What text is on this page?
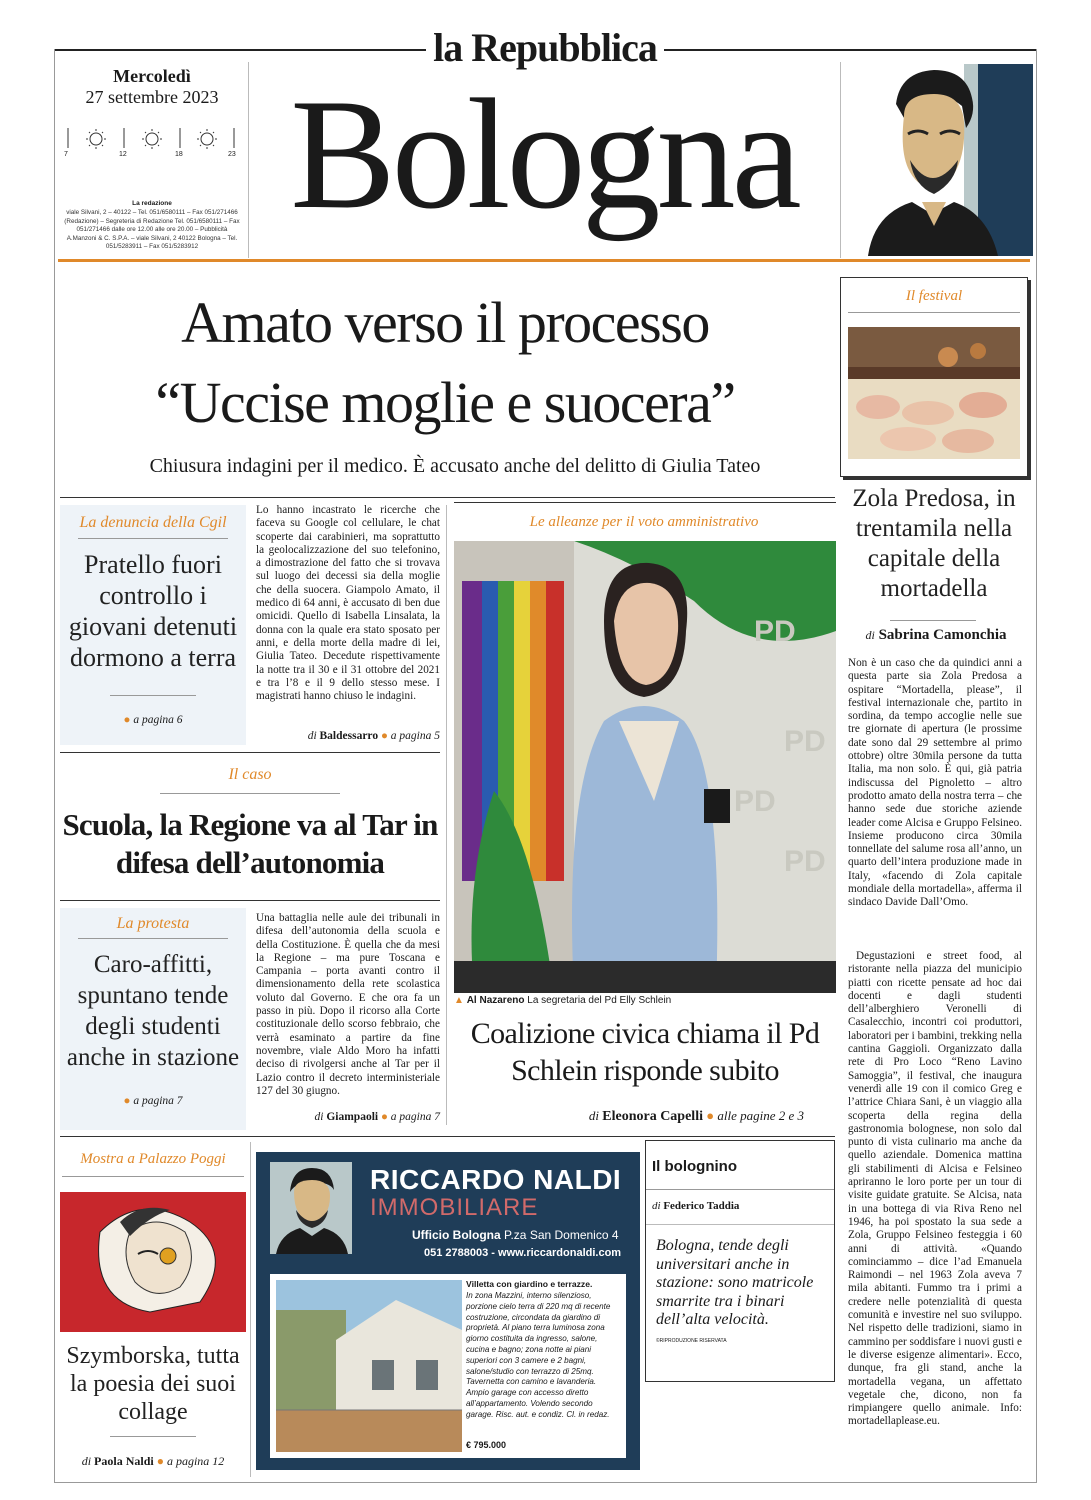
la Repubblica
Mercoledì
27 settembre 2023
7	12	18	23
La redazione
viale Silvani, 2 – 40122 – Tel. 051/6580111 – Fax 051/271466 (Redazione) – Segreteria di Redazione Tel. 051/6580111 – Fax 051/271466 dalle ore 12.00 alle ore 20.00 – Pubblicità A.Manzoni & C. S.P.A. – viale Silvani, 2 40122 Bologna – Tel. 051/5283911 – Fax 051/5283912
Bologna
Amato verso il processo
“Uccise moglie e suocera”
Chiusura indagini per il medico. È accusato anche del delitto di Giulia Tateo
La denuncia della Cgil
Pratello fuori controllo i giovani detenuti dormono a terra
● a pagina 6

Lo hanno incastrato le ricerche che faceva su Google col cellulare, le chat scoperte dai carabinieri, ma soprattutto la geolocalizzazione del suo telefonino, a dimostrazione del fatto che si trovava sul luogo dei decessi sia della moglie che della suocera. Giampolo Amato, il medico di 64 anni, è accusato di ben due omicidi. Quello di Isabella Linsalata, la donna con la quale era stato sposato per anni, e della morte della madre di lei, Giulia Tateo. Decedute rispettivamente la notte tra il 30 e il 31 ottobre del 2021 e tra l’8 e il 9 dello stesso mese. I magistrati hanno chiuso le indagini.

di Baldessarro ● a pagina 5
Le alleanze per il voto amministrativo
PD
PD
PD
PD
▲ Al Nazareno La segretaria del Pd Elly Schlein
Coalizione civica chiama il Pd Schlein risponde subito
di Eleonora Capelli ● alle pagine 2 e 3
Il caso
Scuola, la Regione va al Tar in difesa dell’autonomia
La protesta
Caro-affitti, spuntano tende degli studenti anche in stazione
● a pagina 7

Una battaglia nelle aule dei tribunali in difesa dell’autonomia della scuola e della Costituzione. È quella che da mesi la Regione – ma pure Toscana e Campania – porta avanti contro il dimensionamento della rete scolastica voluto dal Governo. E che ora fa un passo in più. Dopo il ricorso alla Corte costituzionale dello scorso febbraio, che verrà esaminato a partire da fine novembre, viale Aldo Moro ha infatti deciso di rivolgersi anche al Tar per il Lazio contro il decreto interministeriale 127 del 30 giugno.

di Giampaoli ● a pagina 7
Mostra a Palazzo Poggi
Szymborska, tutta la poesia dei suoi collage
di Paola Naldi ● a pagina 12
RICCARDO NALDI
IMMOBILIARE
Ufficio Bologna P.za San Domenico 4
051 2788003 - www.riccardonaldi.com
Villetta con giardino e terrazze.
In zona Mazzini, interno silenzioso, porzione cielo terra di 220 mq di recente costruzione, circondata da giardino di proprietà. Al piano terra luminosa zona giorno costituita da ingresso, salone, cucina e bagno; zona notte ai piani superiori con 3 camere e 2 bagni, salone/studio con terrazzo di 25mq. Tavernetta con camino e lavanderia. Ampio garage con accesso diretto all’appartamento. Volendo secondo garage. Risc. aut. e condiz. Cl. in redaz.
€ 795.000
Il bolognino
di Federico Taddia
Bologna, tende degli universitari anche in stazione: sono matricole smarrite tra i binari dell’alta velocità.
©RIPRODUZIONE RISERVATA
Il festival
Zola Predosa, in trentamila nella capitale della mortadella
di Sabrina Camonchia

Non è un caso che da quindici anni a questa parte sia Zola Predosa a ospitare “Mortadella, please”, il festival internazionale che, partito in sordina, da tempo accoglie nelle sue tre giornate di apertura (le prossime date sono dal 29 settembre al primo ottobre) oltre 30mila persone da tutta Italia, ma non solo. È qui, già patria indiscussa del Pignoletto – altro prodotto amato della nostra terra – che hanno sede due storiche aziende leader come Alcisa e Gruppo Felsineo. Insieme producono circa 30mila tonnellate del salume rosa all’anno, un quarto dell’intera produzione made in Italy, «facendo di Zola capitale mondiale della mortadella», afferma il sindaco Davide Dall’Omo.

Degustazioni e street food, al ristorante nella piazza del municipio piatti con ricette pensate ad hoc dai docenti e dagli studenti dell’alberghiero Veronelli di Casalecchio, incontri coi produttori, laboratori per i bambini, trekking nella cantina Gaggioli. Organizzato dalla rete di Pro Loco “Reno Lavino Samoggia”, il festival, che inaugura venerdì alle 19 con il comico Greg e l’attrice Chiara Sani, è un viaggio alla scoperta della regina della gastronomia bolognese, non solo dal punto di vista culinario ma anche da quello aziendale. Domenica mattina gli stabilimenti di Alcisa e Felsineo apriranno le loro porte per un tour di visite guidate gratuite. Se Alcisa, nata in una bottega di via Riva Reno nel 1946, ha poi spostato la sua sede a Zola, Gruppo Felsineo festeggia i 60 anni di attività. «Quando cominciammo – dice l’ad Emanuela Raimondi – nel 1963 Zola aveva 7 mila abitanti. Fummo tra i primi a credere nelle potenzialità di questa comunità e investire nel suo sviluppo. Nel rispetto delle tradizioni, siamo in cammino per soddisfare i nuovi gusti e le diverse esigenze alimentari». Ecco, dunque, fra gli stand, anche la mortadella vegana, un affettato vegetale che, dicono, non fa rimpiangere quello animale. Info: mortadellaplease.eu.
